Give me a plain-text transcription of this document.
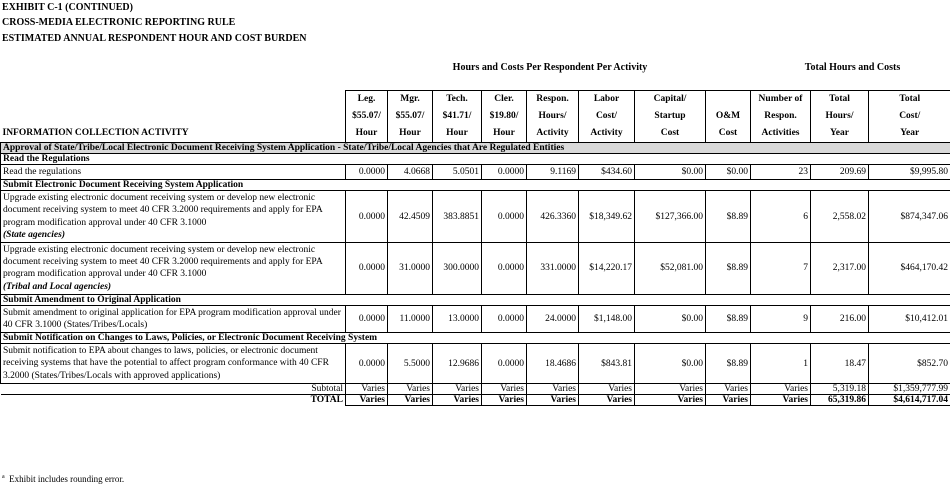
EXHIBIT C-1 (CONTINUED)
CROSS-MEDIA ELECTRONIC REPORTING RULE
ESTIMATED ANNUAL RESPONDENT HOUR AND COST BURDEN
Hours and Costs Per Respondent Per Activity	Total Hours and Costs
	Leg.	Mgr.	Tech.	Cler.	Respon.	Labor	Capital/		Number of	Total	Total
	$55.07/	$55.07/	$41.71/	$19.80/	Hours/	Cost/	Startup	O&M	Respon.	Hours/	Cost/
INFORMATION COLLECTION ACTIVITY	Hour	Hour	Hour	Hour	Activity	Activity	Cost	Cost	Activities	Year	Year
Approval of State/Tribe/Local Electronic Document Receiving System Application - State/Tribe/Local Agencies that Are Regulated Entities											
Read the Regulations											
Read the regulations	0.0000	4.0668	5.0501	0.0000	9.1169	$434.60	$0.00	$0.00	23	209.69	$9,995.80
Submit Electronic Document Receiving System Application											
Upgrade existing electronic document receiving system or develop new electronic document receiving system to meet 40 CFR 3.2000 requirements and apply for EPA program modification approval under 40 CFR 3.1000
(State agencies)	0.0000	42.4509	383.8851	0.0000	426.3360	$18,349.62	$127,366.00	$8.89	6	2,558.02	$874,347.06
Upgrade existing electronic document receiving system or develop new electronic document receiving system to meet 40 CFR 3.2000 requirements and apply for EPA program modification approval under 40 CFR 3.1000
(Tribal and Local agencies)	0.0000	31.0000	300.0000	0.0000	331.0000	$14,220.17	$52,081.00	$8.89	7	2,317.00	$464,170.42
Submit Amendment to Original Application											
Submit amendment to original application for EPA program modification approval under 40 CFR 3.1000 (States/Tribes/Locals)	0.0000	11.0000	13.0000	0.0000	24.0000	$1,148.00	$0.00	$8.89	9	216.00	$10,412.01
Submit Notification on Changes to Laws, Policies, or Electronic Document Receiving System											
Submit notification to EPA about changes to laws, policies, or electronic document receiving systems that have the potential to affect program conformance with 40 CFR 3.2000 (States/Tribes/Locals with approved applications)	0.0000	5.5000	12.9686	0.0000	18.4686	$843.81	$0.00	$8.89	1	18.47	$852.70
Subtotal	Varies	Varies	Varies	Varies	Varies	Varies	Varies	Varies	Varies	5,319.18	$1,359,777.99
TOTAL	Varies	Varies	Varies	Varies	Varies	Varies	Varies	Varies	Varies	65,319.86	$4,614,717.04
$^a$ Exhibit includes rounding error.
